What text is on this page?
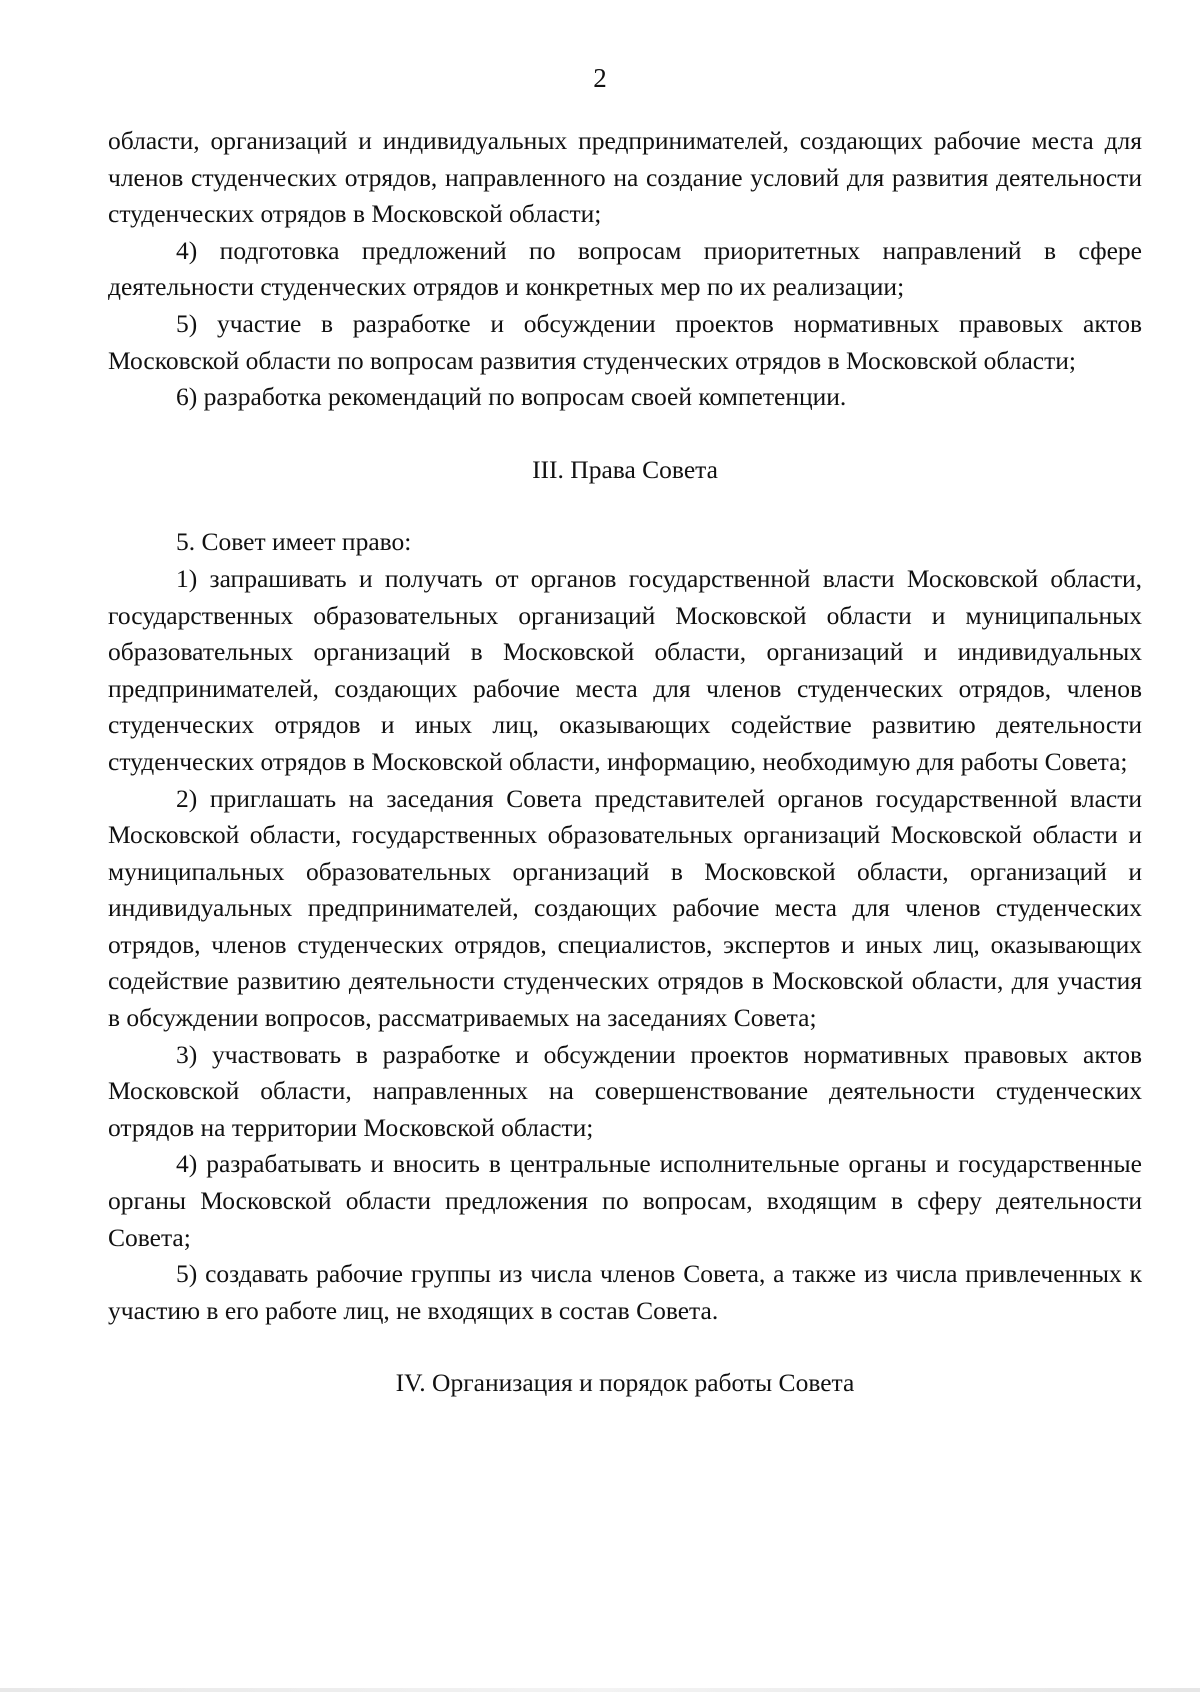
2

области, организаций и индивидуальных предпринимателей, создающих рабочие места для членов студенческих отрядов, направленного на создание условий для развития деятельности студенческих отрядов в Московской области;

4) подготовка предложений по вопросам приоритетных направлений в сфере деятельности студенческих отрядов и конкретных мер по их реализации;

5) участие в разработке и обсуждении проектов нормативных правовых актов Московской области по вопросам развития студенческих отрядов в Московской области;

6) разработка рекомендаций по вопросам своей компетенции.

III. Права Совета

5. Совет имеет право:

1) запрашивать и получать от органов государственной власти Московской области, государственных образовательных организаций Московской области и муниципальных образовательных организаций в Московской области, организаций и индивидуальных предпринимателей, создающих рабочие места для членов студенческих отрядов, членов студенческих отрядов и иных лиц, оказывающих содействие развитию деятельности студенческих отрядов в Московской области, информацию, необходимую для работы Совета;

2) приглашать на заседания Совета представителей органов государственной власти Московской области, государственных образовательных организаций Московской области и муниципальных образовательных организаций в Московской области, организаций и индивидуальных предпринимателей, создающих рабочие места для членов студенческих отрядов, членов студенческих отрядов, специалистов, экспертов и иных лиц, оказывающих содействие развитию деятельности студенческих отрядов в Московской области, для участия в обсуждении вопросов, рассматриваемых на заседаниях Совета;

3) участвовать в разработке и обсуждении проектов нормативных правовых актов Московской области, направленных на совершенствование деятельности студенческих отрядов на территории Московской области;

4) разрабатывать и вносить в центральные исполнительные органы и государственные органы Московской области предложения по вопросам, входящим в сферу деятельности Совета;

5) создавать рабочие группы из числа членов Совета, а также из числа привлеченных к участию в его работе лиц, не входящих в состав Совета.

IV. Организация и порядок работы Совета
